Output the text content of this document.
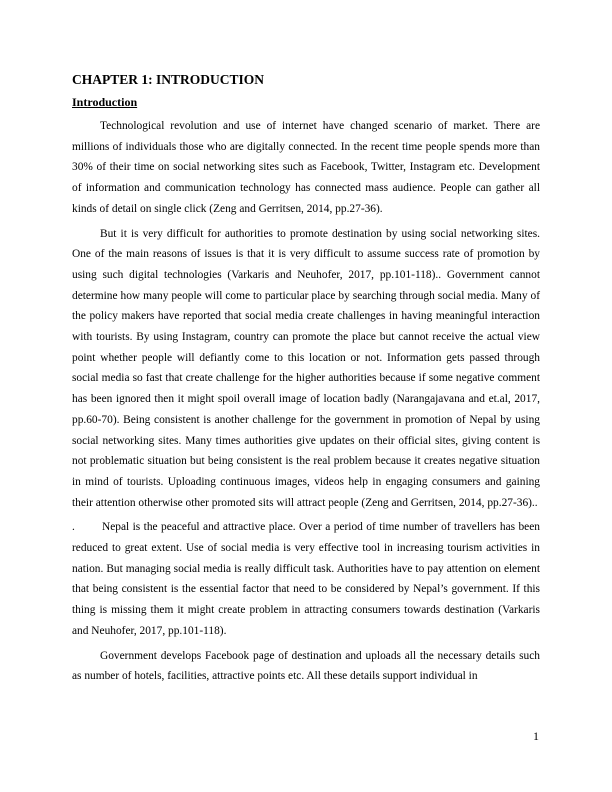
CHAPTER 1: INTRODUCTION
Introduction

Technological revolution and use of internet have changed scenario of market. There are millions of individuals those who are digitally connected. In the recent time people spends more than 30% of their time on social networking sites such as Facebook, Twitter, Instagram etc. Development of information and communication technology has connected mass audience. People can gather all kinds of detail on single click (Zeng and Gerritsen, 2014, pp.27-36).

But it is very difficult for authorities to promote destination by using social networking sites. One of the main reasons of issues is that it is very difficult to assume success rate of promotion by using such digital technologies (Varkaris and Neuhofer, 2017, pp.101-118).. Government cannot determine how many people will come to particular place by searching through social media. Many of the policy makers have reported that social media create challenges in having meaningful interaction with tourists. By using Instagram, country can promote the place but cannot receive the actual view point whether people will defiantly come to this location or not. Information gets passed through social media so fast that create challenge for the higher authorities because if some negative comment has been ignored then it might spoil overall image of location badly (Narangajavana and et.al, 2017, pp.60-70). Being consistent is another challenge for the government in promotion of Nepal by using social networking sites. Many times authorities give updates on their official sites, giving content is not problematic situation but being consistent is the real problem because it creates negative situation in mind of tourists. Uploading continuous images, videos help in engaging consumers and gaining their attention otherwise other promoted sits will attract people (Zeng and Gerritsen, 2014, pp.27-36)..

. Nepal is the peaceful and attractive place. Over a period of time number of travellers has been reduced to great extent. Use of social media is very effective tool in increasing tourism activities in nation. But managing social media is really difficult task. Authorities have to pay attention on element that being consistent is the essential factor that need to be considered by Nepal’s government. If this thing is missing them it might create problem in attracting consumers towards destination (Varkaris and Neuhofer, 2017, pp.101-118).

Government develops Facebook page of destination and uploads all the necessary details such as number of hotels, facilities, attractive points etc. All these details support individual in

1
